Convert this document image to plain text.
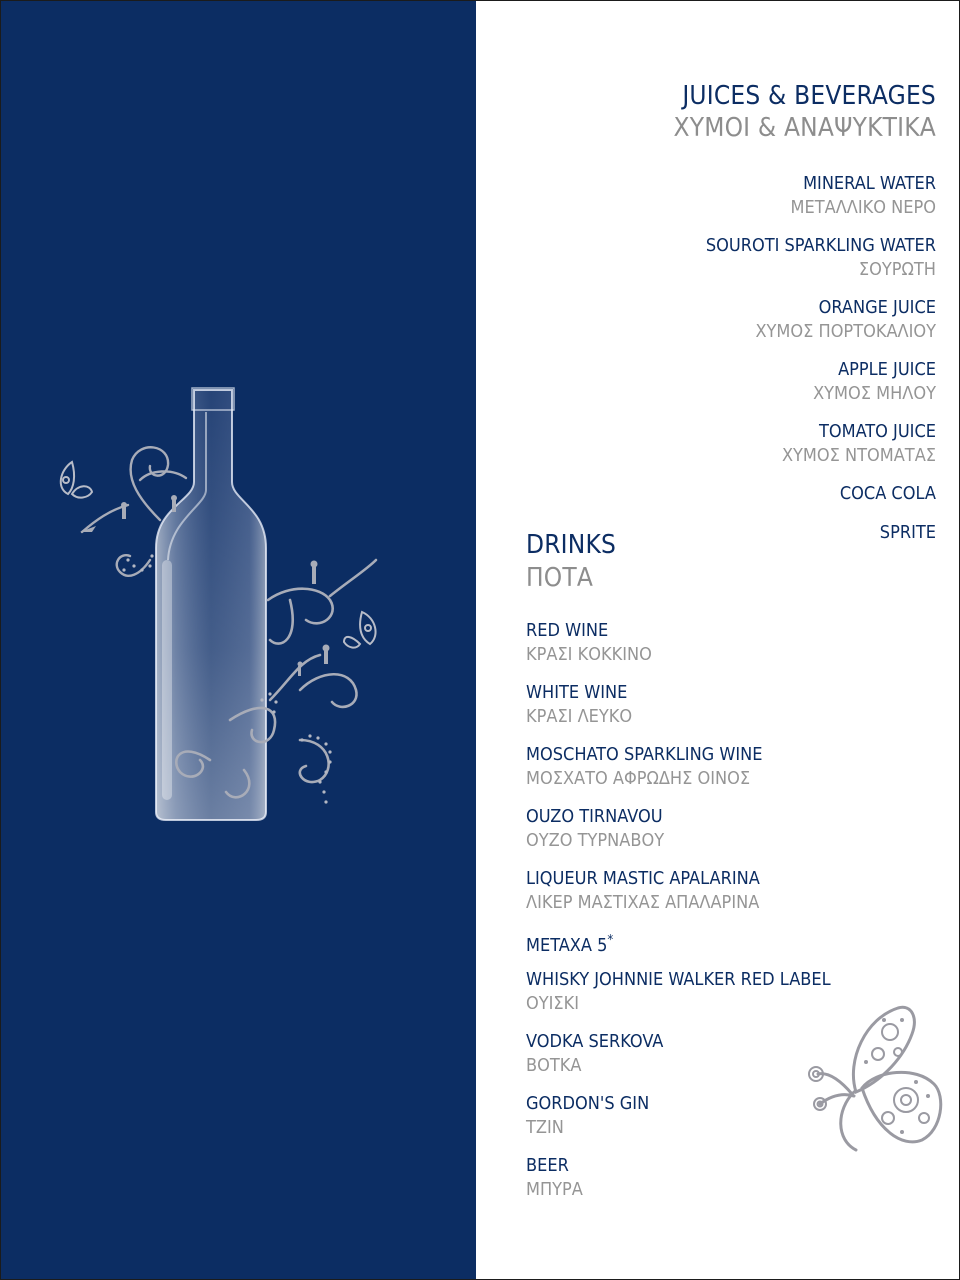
JUICES & BEVERAGES
ΧΥΜΟΙ & ΑΝΑΨΥΚΤΙΚΑ
MINERAL WATER
ΜΕΤΑΛΛΙΚΟ ΝΕΡΟ
SOUROTI SPARKLING WATER
ΣΟΥΡΩΤΗ
ORANGE JUICE
ΧΥΜΟΣ ΠΟΡΤΟΚΑΛΙΟΥ
APPLE JUICE
ΧΥΜΟΣ ΜΗΛΟΥ
TOMATO JUICE
ΧΥΜΟΣ ΝΤΟΜΑΤΑΣ
COCA COLA
SPRITE
DRINKS
ΠΟΤΑ
RED WINE
ΚΡΑΣΙ ΚΟΚΚΙΝΟ
WHITE WINE
ΚΡΑΣΙ ΛΕΥΚΟ
MOSCHATO SPARKLING WINE
ΜΟΣΧΑΤΟ ΑΦΡΩΔΗΣ ΟΙΝΟΣ
OUZO TIRNAVOU
ΟΥΖΟ ΤΥΡΝΑΒΟΥ
LIQUEUR MASTIC APALARINA
ΛΙΚΕΡ ΜΑΣΤΙΧΑΣ ΑΠΑΛΑΡΙΝΑ
METAXA 5*
WHISKY JOHNNIE WALKER RED LABEL
ΟΥΙΣΚΙ
VODKA SERKOVA
ΒΟΤΚΑ
GORDON'S GIN
ΤΖΙΝ
BEER
ΜΠΥΡΑ
